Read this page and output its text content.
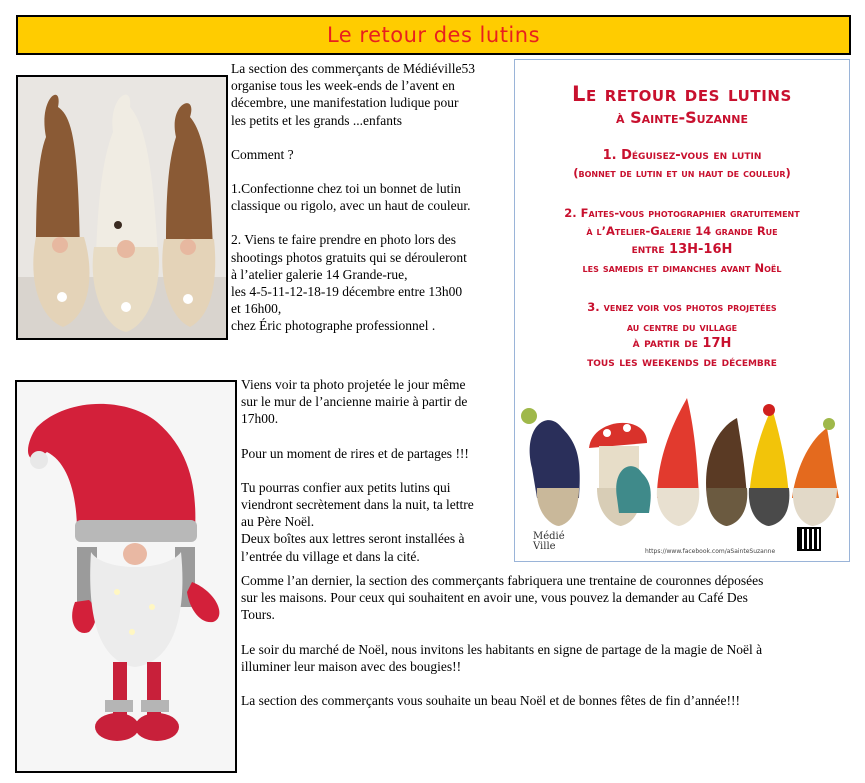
Le retour des lutins

La section des commerçants de Médiéville53

organise tous les week-ends de l’avent en

décembre, une manifestation ludique pour

les petits et les grands ...enfants

Comment ?

1.Confectionne chez toi un bonnet de lutin

classique ou rigolo, avec un haut de couleur.

2. Viens te faire prendre en photo lors des

shootings photos gratuits qui se dérouleront

à l’atelier galerie 14 Grande-rue,

les 4-5-11-12-18-19 décembre entre 13h00

et 16h00,

chez Éric photographe professionnel .

Viens voir ta photo projetée le jour même

sur le mur de l’ancienne mairie à partir de

17h00.

Pour un moment de rires et de partages !!!

Tu pourras confier aux petits lutins qui

viendront secrètement dans la nuit, ta lettre

au Père Noël.

Deux boîtes aux lettres seront installées à

l’entrée du village et dans la cité.

Comme l’an dernier, la section des commerçants fabriquera une trentaine de couronnes déposées

sur les maisons. Pour ceux qui souhaitent en avoir une, vous pouvez la demander au Café Des

Tours.

Le soir du marché de Noël, nous invitons les habitants en signe de partage de la magie de Noël à

illuminer leur maison avec des bougies!!

La section des commerçants vous souhaite un beau Noël et de bonnes fêtes de fin d’année!!!

Le retour des lutins
à Sainte-Suzanne
1. Déguisez-vous en lutin
(bonnet de lutin et un haut de couleur)
2. Faites-vous photographier gratuitement
à l’Atelier-Galerie 14 grande Rue
entre 13H-16H
les samedis et dimanches avant Noël
3. venez voir vos photos projetées
au centre du village
à partir de 17H
tous les weekends de décembre
Médié Ville	https://www.facebook.com/aSainteSuzanne
